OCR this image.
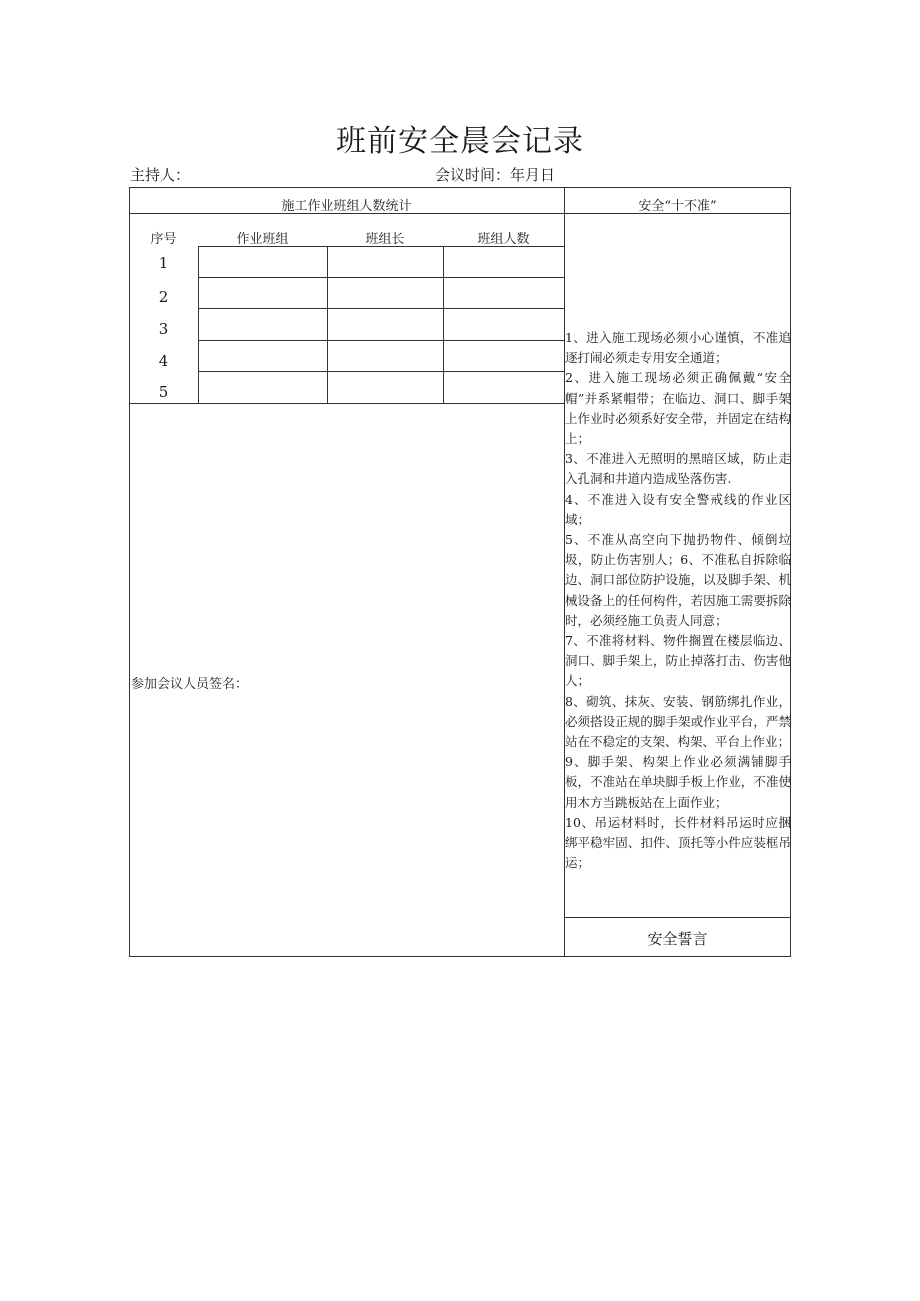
班前安全晨会记录
主持人：	会议时间：年月日
施工作业班组人数统计	安全“十不准”
序号	作业班组	班组长	班组人数
1
2
3
4
5
参加会议人员签名：
1、进入施工现场必须小心谨慎，不准追逐打闹必须走专用安全通道；
2、进入施工现场必须正确佩戴“安全帽”并系紧帽带；在临边、洞口、脚手架上作业时必须系好安全带，并固定在结构上；
3、不准进入无照明的黑暗区域，防止走入孔洞和井道内造成坠落伤害.
4、不准进入设有安全警戒线的作业区域；
5、不准从高空向下抛扔物件、倾倒垃圾，防止伤害别人；6、不准私自拆除临边、洞口部位防护设施，以及脚手架、机械设备上的任何构件，若因施工需要拆除时，必须经施工负责人同意；
7、不准将材料、物件搁置在楼层临边、洞口、脚手架上，防止掉落打击、伤害他人；
8、砌筑、抹灰、安装、钢筋绑扎作业，必须搭设正规的脚手架或作业平台，严禁站在不稳定的支架、构架、平台上作业；
9、脚手架、构架上作业必须满铺脚手板，不准站在单块脚手板上作业，不准使用木方当跳板站在上面作业；
10、吊运材料时，长件材料吊运时应捆绑平稳牢固、扣件、顶托等小件应装框吊运；
安全誓言
